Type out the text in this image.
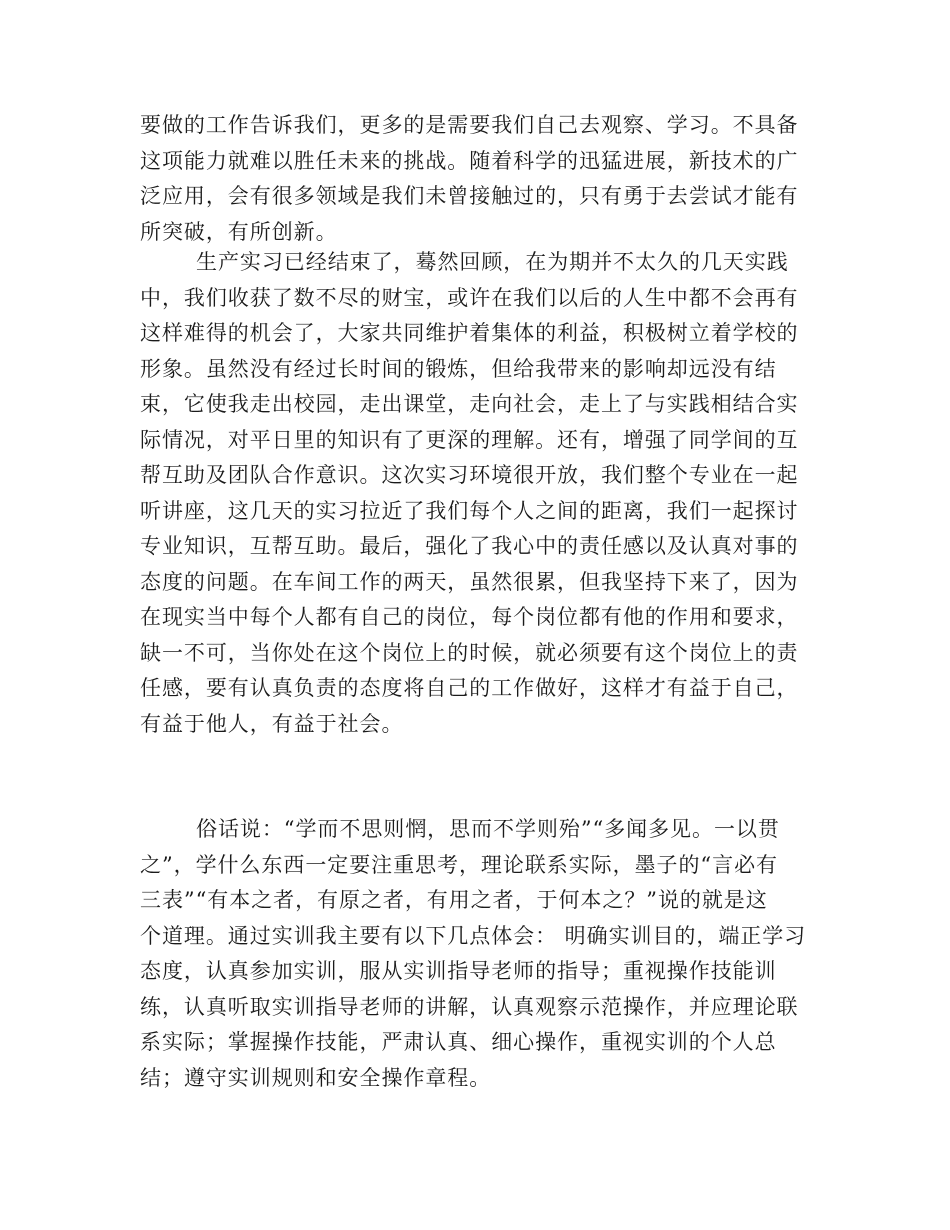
要做的工作告诉我们，更多的是需要我们自己去观察、学习。不具备
这项能力就难以胜任未来的挑战。随着科学的迅猛进展，新技术的广
泛应用，会有很多领域是我们未曾接触过的，只有勇于去尝试才能有
所突破，有所创新。
生产实习已经结束了，蓦然回顾，在为期并不太久的几天实践
中，我们收获了数不尽的财宝，或许在我们以后的人生中都不会再有
这样难得的机会了，大家共同维护着集体的利益，积极树立着学校的
形象。虽然没有经过长时间的锻炼，但给我带来的影响却远没有结
束，它使我走出校园，走出课堂，走向社会，走上了与实践相结合实
际情况，对平日里的知识有了更深的理解。还有，增强了同学间的互
帮互助及团队合作意识。这次实习环境很开放，我们整个专业在一起
听讲座，这几天的实习拉近了我们每个人之间的距离，我们一起探讨
专业知识，互帮互助。最后，强化了我心中的责任感以及认真对事的
态度的问题。在车间工作的两天，虽然很累，但我坚持下来了，因为
在现实当中每个人都有自己的岗位，每个岗位都有他的作用和要求，
缺一不可，当你处在这个岗位上的时候，就必须要有这个岗位上的责
任感，要有认真负责的态度将自己的工作做好，这样才有益于自己，
有益于他人，有益于社会。
俗话说：“学而不思则惘，思而不学则殆”“多闻多见。一以贯
之”，学什么东西一定要注重思考，理论联系实际，墨子的“言必有
三表”“有本之者，有原之者，有用之者，于何本之？”说的就是这
个道理。通过实训我主要有以下几点体会： 明确实训目的，端正学习
态度，认真参加实训，服从实训指导老师的指导；重视操作技能训
练，认真听取实训指导老师的讲解，认真观察示范操作，并应理论联
系实际；掌握操作技能，严肃认真、细心操作，重视实训的个人总
结；遵守实训规则和安全操作章程。
